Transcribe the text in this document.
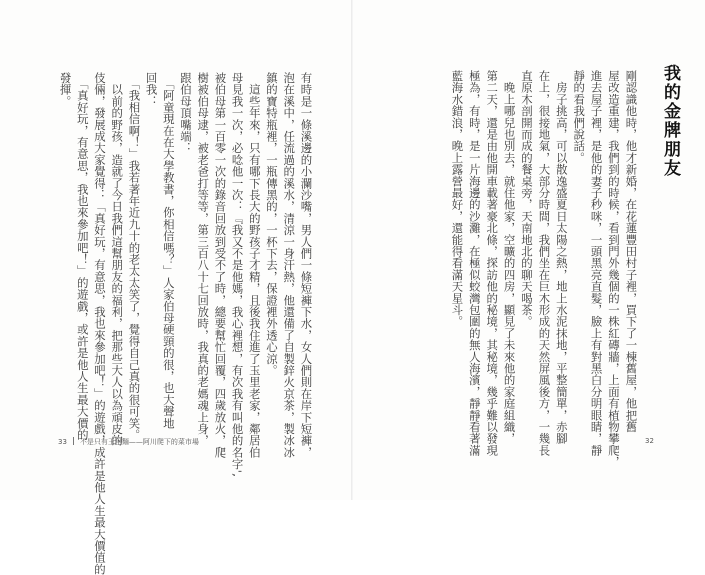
有時是一條溪邊的小瀾沙嘴，男人們一條短褲下水，女人們則在岸下短褲，
泡在溪中，任流過的溪水，清涼一身汗熱，他還備了自製鋅火京茶，製冰冰
鎮的寶特瓶裡，一瓶傳黑的，一杯下去，保證裡外透心涼。
　這些年來，只有哪下長大的野孩子才精，且後我住進了玉里老家，鄰居伯
母見我一次，必唸他一次：『我又不是他媽，我心裡想，有次我有叫他的名字',
被伯母第一百零一次的錄音回放到受不了時，總要幫忙回覆，四歲放火，爬
樹被伯母逮，被老爸打等等，第三百八十七回放時，我真的老媽魂上身，
跟伯母頂嘴端：
　「阿童現在在大學教書，你相信嗎？」人家伯母硬頸的很，也大聲地
回我：
　「我相信啊！」我若著年近九十的老太太笑了，覺得自己真的很可笑。
　以前的野孩，造就了今日我們這幫朋友的福利，把那些大人以為頑皮的
伎倆，發展成大家覺得：「真好玩，有意思，我也來參加吧！」的遊戲，成許是他人生最大價值的
　「真好玩，有意思，我也來參加吧！」的遊戲，或許是他人生最大價的
發揮。
33 不是只有玉里麵——阿川爬下的菜市場
我的金牌朋友
剛認識他時，他才新婚，在花蓮豐田村子裡，買下了一棟舊屋，他把舊
屋改造重建，我們到的時候，看到門外幾個的一株紅磚牆，上面有植物攀爬，
進去屋子裡，是他的妻子秒咪，一頭黑亮直髮，臉上有對黑白分明眼睛，靜
靜的看我們說話。
　房子挑高，可以散逸盛夏日太陽之熱，地上水泥抹地，平整簡單，赤腳
在上，很接地氣，大部分時間，我們坐在巨木形成的天然屏風後方，一幾長
直原木剖開而成的餐桌旁，天南地北的聊天喝茶。
　晚上哪兒也別去，就住他家，空曠的四房，顯見了未來他的家庭組織，
第二天，還是由他開車載著豪北條，探訪他的秘境，其秘境，幾乎難以發現
極為，有時，是一片海邊的沙灘，在極似蛟灣包圍的無人海濱，靜靜看著滿
藍海水錯浪，晚上露營最好，還能得看滿天星斗。
32
